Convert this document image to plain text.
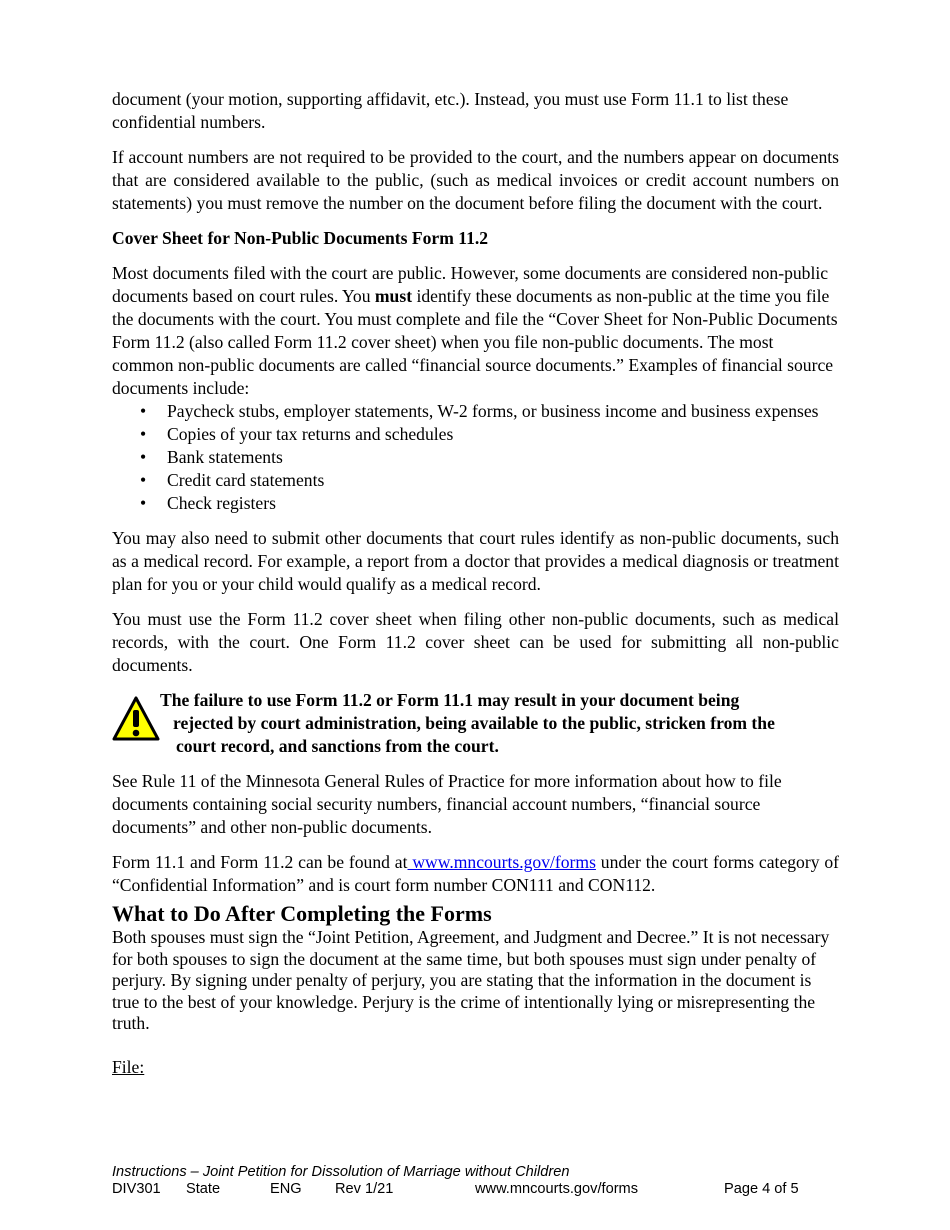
document (your motion, supporting affidavit, etc.). Instead, you must use Form 11.1 to list these confidential numbers.

If account numbers are not required to be provided to the court, and the numbers appear on documents that are considered available to the public, (such as medical invoices or credit account numbers on statements) you must remove the number on the document before filing the document with the court.

Cover Sheet for Non-Public Documents Form 11.2

Most documents filed with the court are public. However, some documents are considered non-public documents based on court rules. You must identify these documents as non-public at the time you file the documents with the court. You must complete and file the “Cover Sheet for Non-Public Documents Form 11.2 (also called Form 11.2 cover sheet) when you file non-public documents. The most common non-public documents are called “financial source documents.” Examples of financial source documents include:

• Paycheck stubs, employer statements, W-2 forms, or business income and business expenses
• Copies of your tax returns and schedules
• Bank statements
• Credit card statements
• Check registers

You may also need to submit other documents that court rules identify as non-public documents, such as a medical record. For example, a report from a doctor that provides a medical diagnosis or treatment plan for you or your child would qualify as a medical record.

You must use the Form 11.2 cover sheet when filing other non-public documents, such as medical records, with the court. One Form 11.2 cover sheet can be used for submitting all non-public documents.

The failure to use Form 11.2 or Form 11.1 may result in your document being
rejected by court administration, being available to the public, stricken from the
court record, and sanctions from the court.

See Rule 11 of the Minnesota General Rules of Practice for more information about how to file documents containing social security numbers, financial account numbers, “financial source documents” and other non-public documents.

Form 11.1 and Form 11.2 can be found at www.mncourts.gov/forms under the court forms category of “Confidential Information” and is court form number CON111 and CON112.

What to Do After Completing the Forms

Both spouses must sign the “Joint Petition, Agreement, and Judgment and Decree.” It is not necessary for both spouses to sign the document at the same time, but both spouses must sign under penalty of perjury. By signing under penalty of perjury, you are stating that the information in the document is true to the best of your knowledge. Perjury is the crime of intentionally lying or misrepresenting the truth.

File:
Instructions – Joint Petition for Dissolution of Marriage without Children
DIV301 State	ENG Rev 1/21	www.mncourts.gov/forms	Page 4 of 5
